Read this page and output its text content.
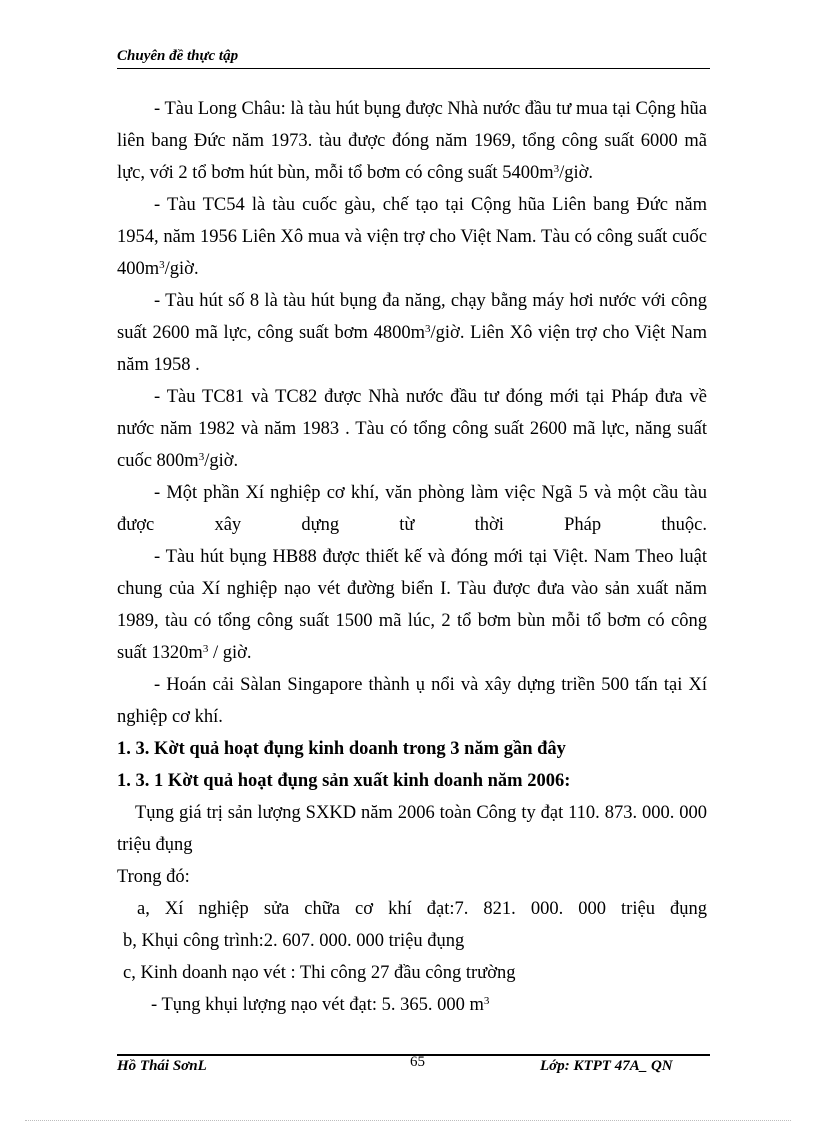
Chuyên đề thực tập

- Tàu Long Châu: là tàu hút bụng được Nhà nước đầu tư mua tại Cộng hũa liên bang Đức năm 1973. tàu được đóng năm 1969, tổng công suất 6000 mã lực, với 2 tổ bơm hút bùn, mỗi tổ bơm có công suất $5400m^3$/giờ.

- Tàu TC54 là tàu cuốc gàu, chế tạo tại Cộng hũa Liên bang Đức năm 1954, năm 1956 Liên Xô mua và viện trợ cho Việt Nam. Tàu có công suất cuốc $400m^3$/giờ.

- Tàu hút số 8 là tàu hút bụng đa năng, chạy bằng máy hơi nước với công suất 2600 mã lực, công suất bơm $4800m^3$/giờ. Liên Xô viện trợ cho Việt Nam năm 1958 .

- Tàu TC81 và TC82 được Nhà nước đầu tư đóng mới tại Pháp đưa về nước năm 1982 và năm 1983 . Tàu có tổng công suất 2600 mã lực, năng suất cuốc $800m^3$/giờ.

- Một phần Xí nghiệp cơ khí, văn phòng làm việc Ngã 5 và một cầu tàu

được xây dựng từ thời Pháp thuộc.

- Tàu hút bụng HB88 được thiết kế và đóng mới tại Việt. Nam Theo luật chung của Xí nghiệp nạo vét đường biển I. Tàu được đưa vào sản xuất năm 1989, tàu có tổng công suất 1500 mã lúc, 2 tổ bơm bùn mỗi tổ bơm có công suất $1320m^3$ / giờ.

- Hoán cải Sàlan Singapore thành ụ nổi và xây dựng triền 500 tấn tại Xí nghiệp cơ khí.

1. 3. Kờt quả hoạt đụng kinh doanh trong 3 năm gần đây

1. 3. 1 Kờt quả hoạt đụng sản xuất kinh doanh năm 2006:

Tụng giá trị sản lượng SXKD năm 2006 toàn Công ty đạt 110. 873. 000. 000 triệu đụng

Trong đó:

a, Xí nghiệp sửa chữa cơ khí đạt:7. 821. 000. 000 triệu đụng

b, Khụi công trình:2. 607. 000. 000 triệu đụng

c, Kinh doanh nạo vét : Thi công 27 đầu công trường

- Tụng khụi lượng nạo vét đạt: 5. 365. 000 $m^3$

Hồ Thái SơnL	65	Lớp: KTPT 47A_ QN
